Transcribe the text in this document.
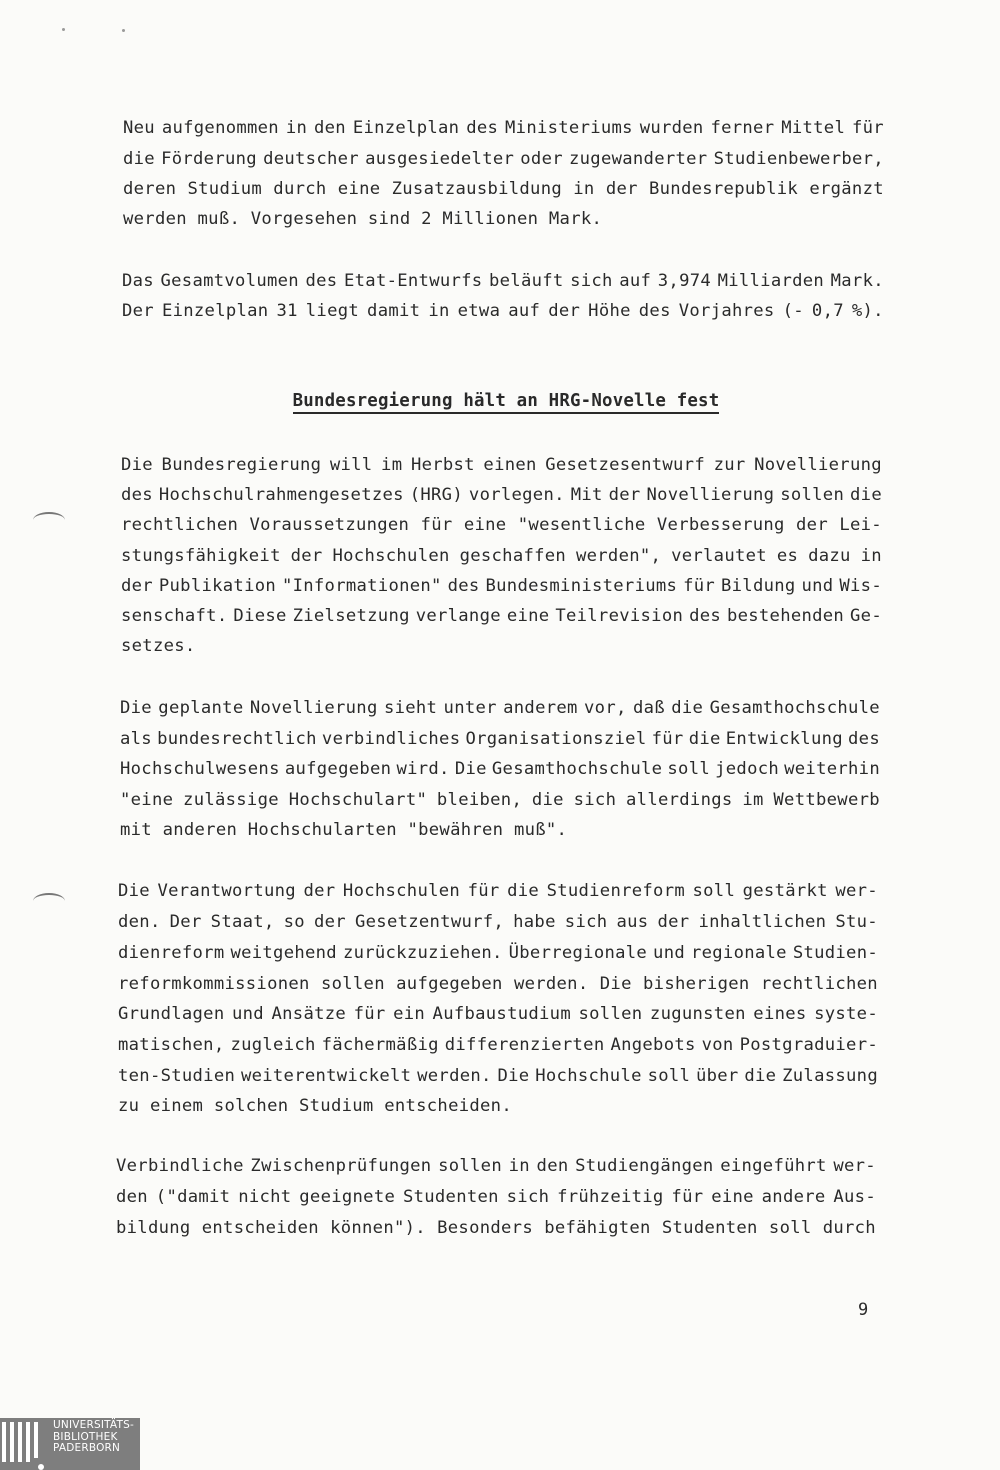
Neu aufgenommen in den Einzelplan des Ministeriums wurden ferner Mittel für
die Förderung deutscher ausgesiedelter oder zugewanderter Studienbewerber,
deren Studium durch eine Zusatzausbildung in der Bundesrepublik ergänzt
werden muß. Vorgesehen sind 2 Millionen Mark.
Das Gesamtvolumen des Etat-Entwurfs beläuft sich auf 3,974 Milliarden Mark.
Der Einzelplan 31 liegt damit in etwa auf der Höhe des Vorjahres (- 0,7 %).
Bundesregierung hält an HRG-Novelle fest
Die Bundesregierung will im Herbst einen Gesetzesentwurf zur Novellierung
des Hochschulrahmengesetzes (HRG) vorlegen. Mit der Novellierung sollen die
rechtlichen Voraussetzungen für eine "wesentliche Verbesserung der Lei-
stungsfähigkeit der Hochschulen geschaffen werden", verlautet es dazu in
der Publikation "Informationen" des Bundesministeriums für Bildung und Wis-
senschaft. Diese Zielsetzung verlange eine Teilrevision des bestehenden Ge-
setzes.
Die geplante Novellierung sieht unter anderem vor, daß die Gesamthochschule
als bundesrechtlich verbindliches Organisationsziel für die Entwicklung des
Hochschulwesens aufgegeben wird. Die Gesamthochschule soll jedoch weiterhin
"eine zulässige Hochschulart" bleiben, die sich allerdings im Wettbewerb
mit anderen Hochschularten "bewähren muß".
Die Verantwortung der Hochschulen für die Studienreform soll gestärkt wer-
den. Der Staat, so der Gesetzentwurf, habe sich aus der inhaltlichen Stu-
dienreform weitgehend zurückzuziehen. Überregionale und regionale Studien-
reformkommissionen sollen aufgegeben werden. Die bisherigen rechtlichen
Grundlagen und Ansätze für ein Aufbaustudium sollen zugunsten eines syste-
matischen, zugleich fächermäßig differenzierten Angebots von Postgraduier-
ten-Studien weiterentwickelt werden. Die Hochschule soll über die Zulassung
zu einem solchen Studium entscheiden.
Verbindliche Zwischenprüfungen sollen in den Studiengängen eingeführt wer-
den ("damit nicht geeignete Studenten sich frühzeitig für eine andere Aus-
bildung entscheiden können"). Besonders befähigten Studenten soll durch
9
UNIVERSITÄTS-
BIBLIOTHEK
PADERBORN
